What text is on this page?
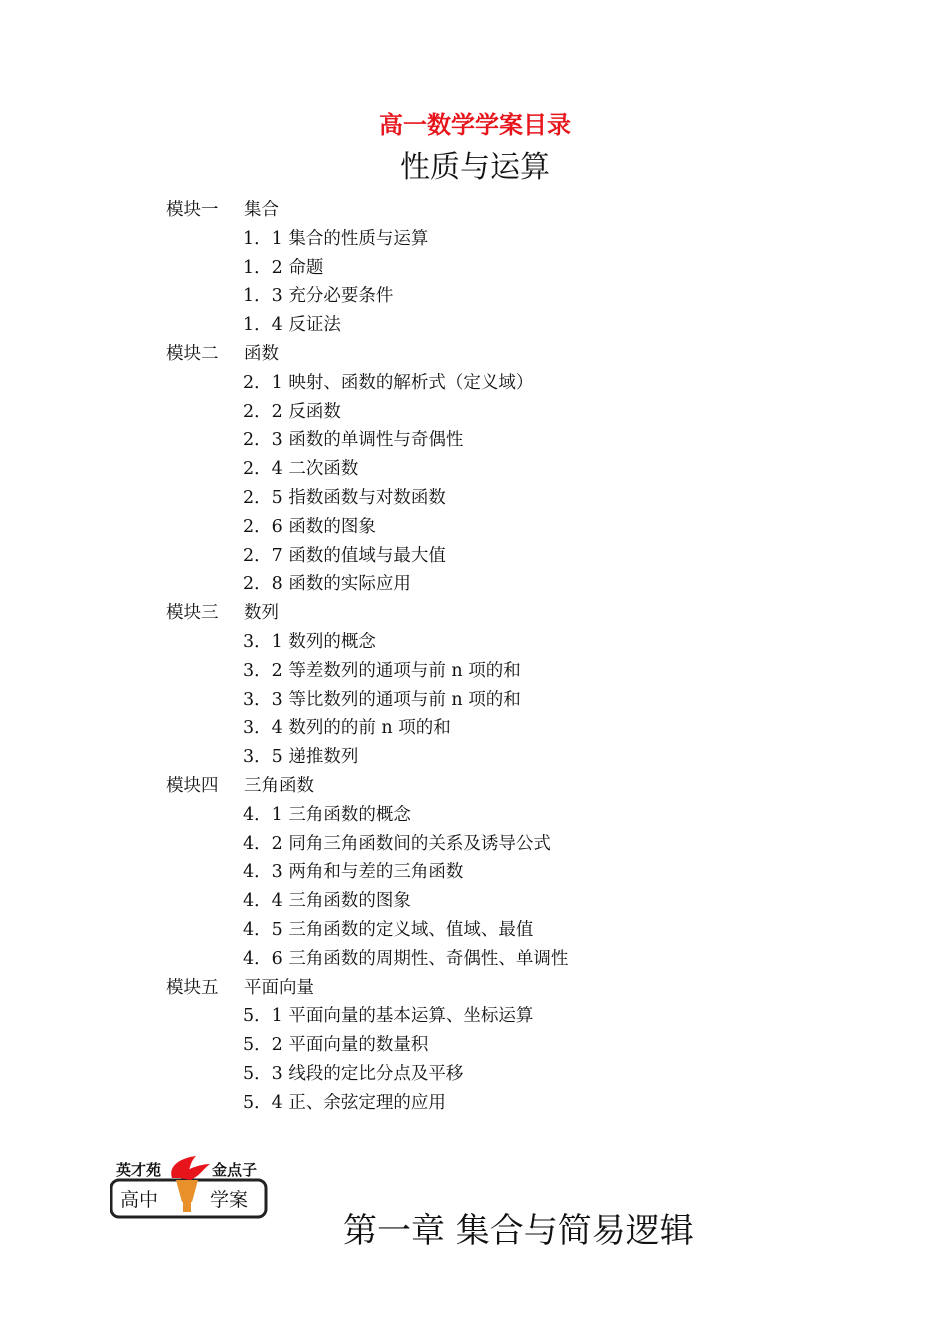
高一数学学案目录
性质与运算
模块一 集合
1．1 集合的性质与运算
1．2 命题
1．3 充分必要条件
1．4 反证法
模块二 函数
2．1 映射、函数的解析式（定义域）
2．2 反函数
2．3 函数的单调性与奇偶性
2．4 二次函数
2．5 指数函数与对数函数
2．6 函数的图象
2．7 函数的值域与最大值
2．8 函数的实际应用
模块三 数列
3．1 数列的概念
3．2 等差数列的通项与前 n 项的和
3．3 等比数列的通项与前 n 项的和
3．4 数列的的前 n 项的和
3．5 递推数列
模块四 三角函数
4．1 三角函数的概念
4．2 同角三角函数间的关系及诱导公式
4．3 两角和与差的三角函数
4．4 三角函数的图象
4．5 三角函数的定义域、值域、最值
4．6 三角函数的周期性、奇偶性、单调性
模块五 平面向量
5．1 平面向量的基本运算、坐标运算
5．2 平面向量的数量积
5．3 线段的定比分点及平移
5．4 正、余弦定理的应用
英才苑	金点子
高中	学案
第一章 集合与简易逻辑
